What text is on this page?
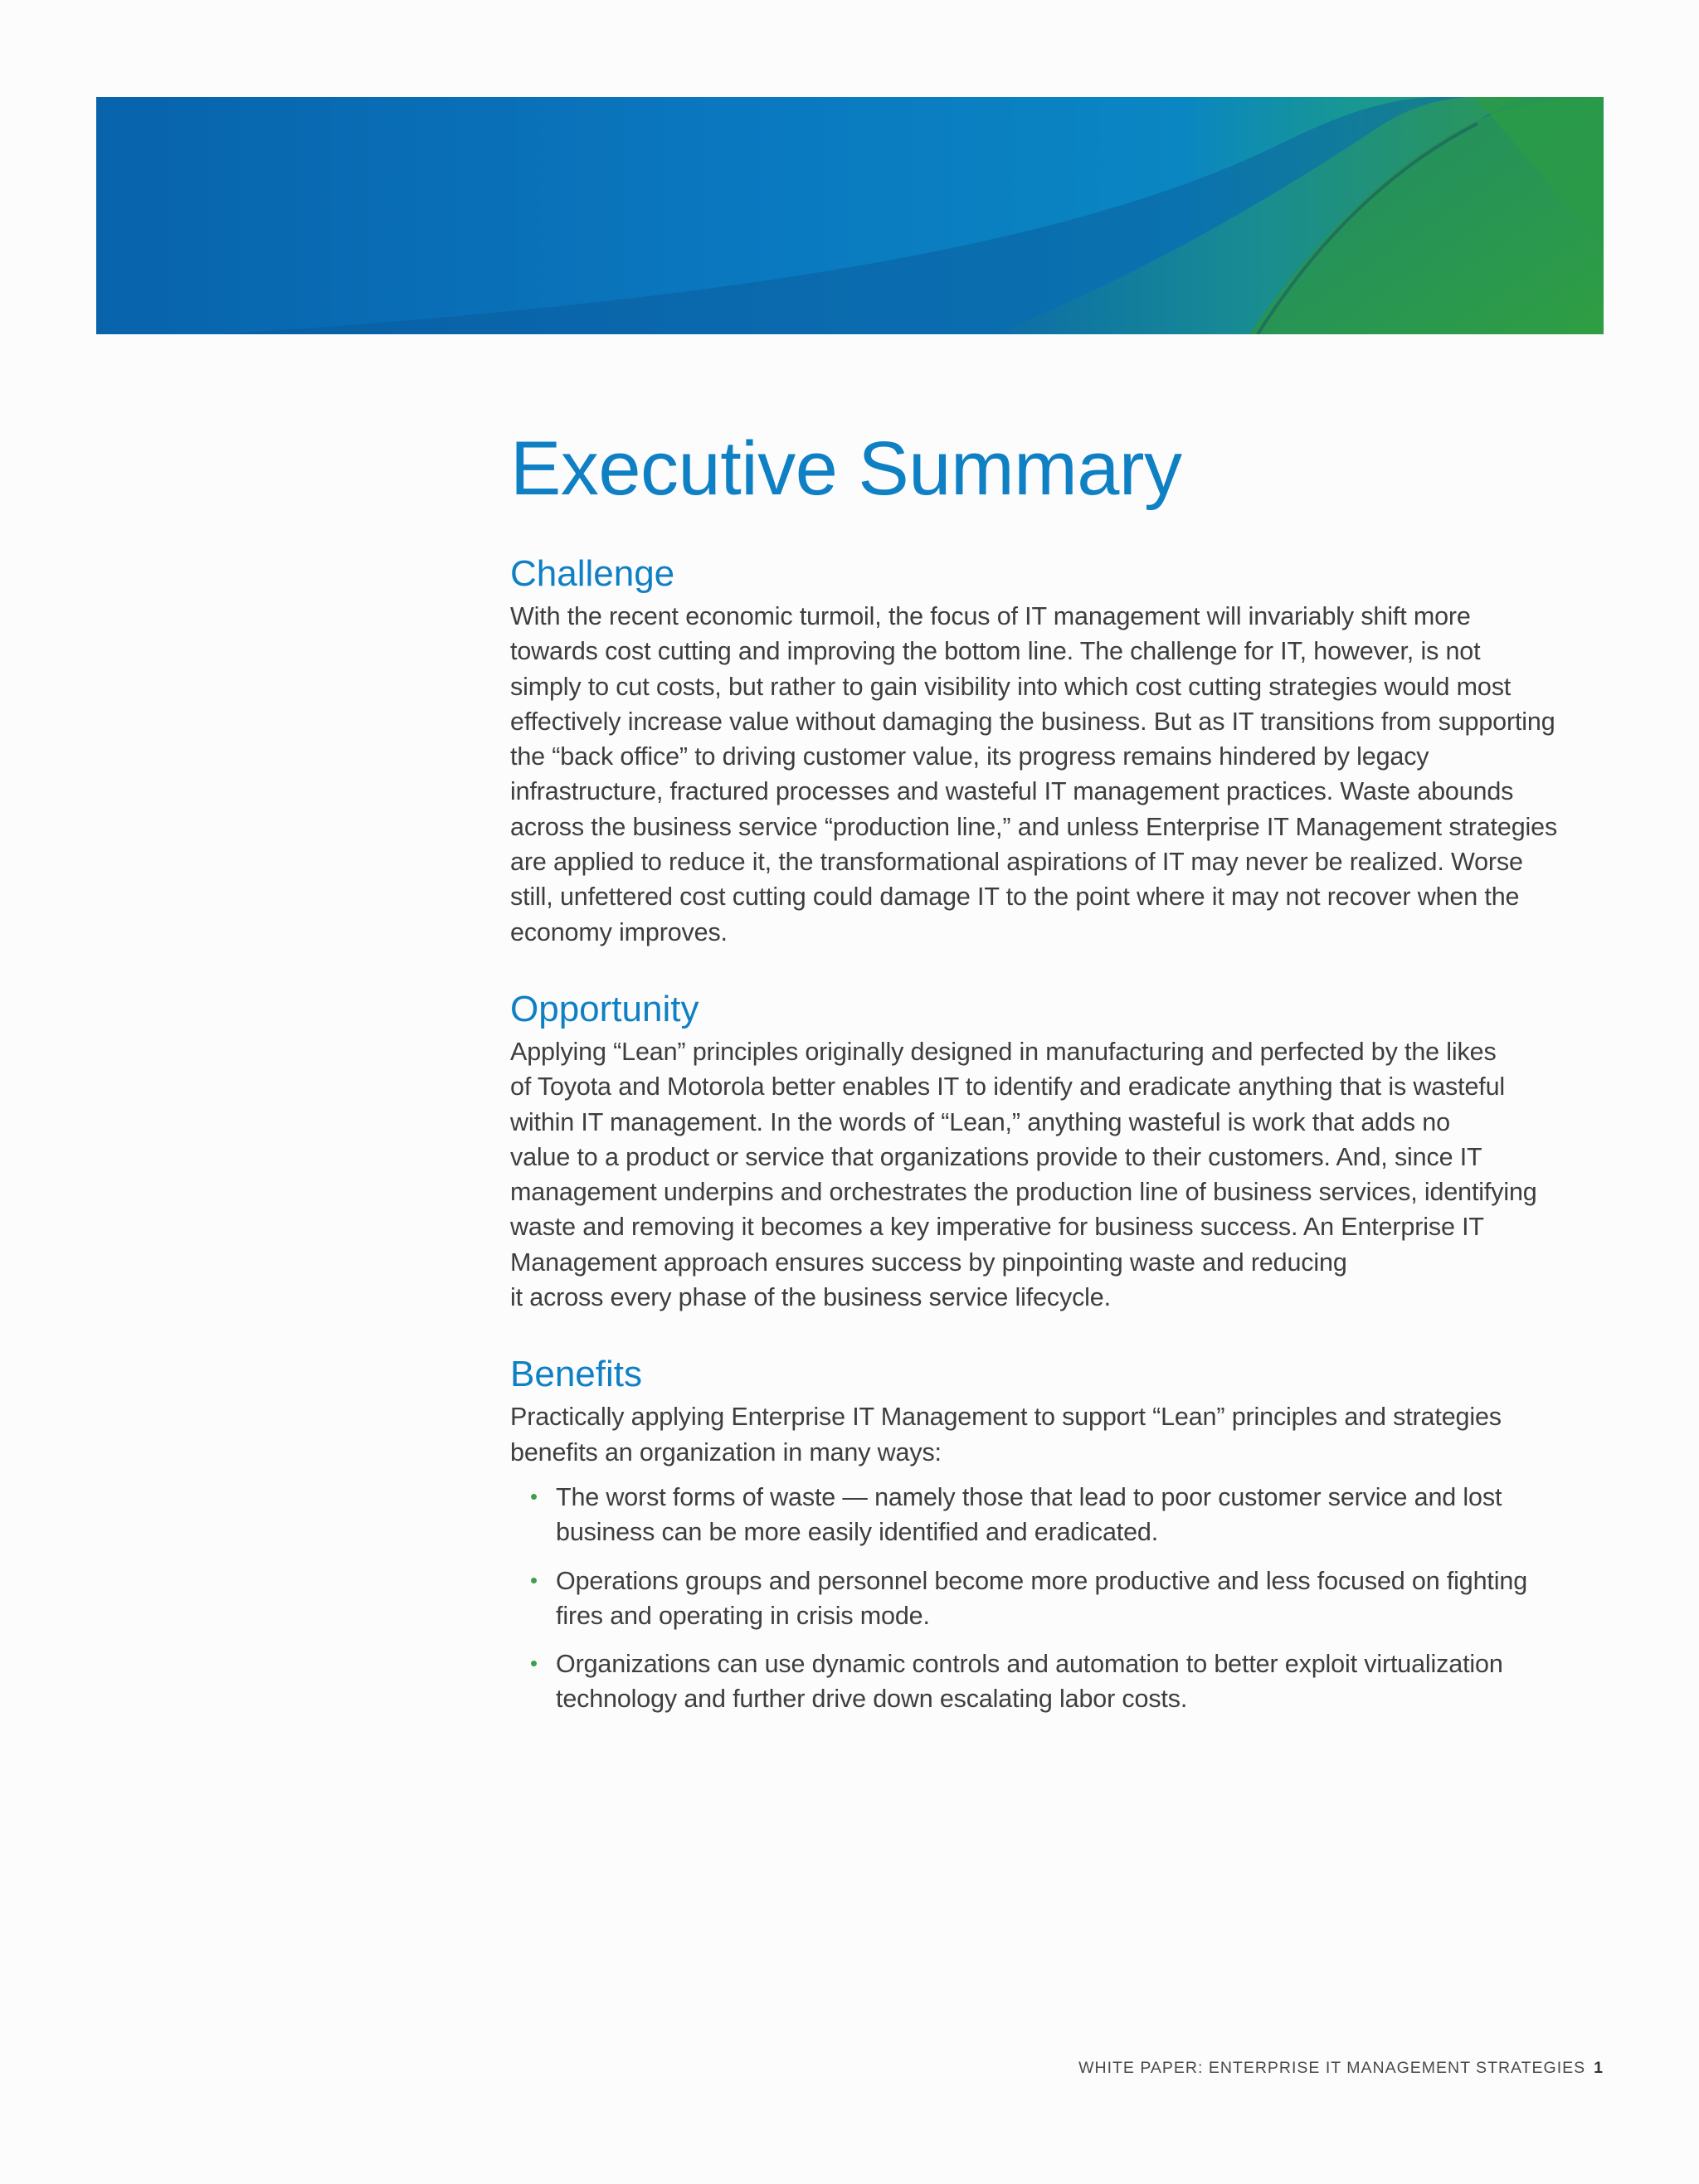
Executive Summary
Challenge

With the recent economic turmoil, the focus of IT management will invariably shift more
towards cost cutting and improving the bottom line. The challenge for IT, however, is not
simply to cut costs, but rather to gain visibility into which cost cutting strategies would most
effectively increase value without damaging the business. But as IT transitions from supporting
the “back office” to driving customer value, its progress remains hindered by legacy
infrastructure, fractured processes and wasteful IT management practices. Waste abounds
across the business service “production line,” and unless Enterprise IT Management strategies
are applied to reduce it, the transformational aspirations of IT may never be realized. Worse
still, unfettered cost cutting could damage IT to the point where it may not recover when the
economy improves.

Opportunity

Applying “Lean” principles originally designed in manufacturing and perfected by the likes
of Toyota and Motorola better enables IT to identify and eradicate anything that is wasteful
within IT management. In the words of “Lean,” anything wasteful is work that adds no
value to a product or service that organizations provide to their customers. And, since IT
management underpins and orchestrates the production line of business services, identifying
waste and removing it becomes a key imperative for business success. An Enterprise IT
Management approach ensures success by pinpointing waste and reducing
it across every phase of the business service lifecycle.

Benefits

Practically applying Enterprise IT Management to support “Lean” principles and strategies
benefits an organization in many ways:

The worst forms of waste — namely those that lead to poor customer service and lost
business can be more easily identified and eradicated.
Operations groups and personnel become more productive and less focused on fighting
fires and operating in crisis mode.
Organizations can use dynamic controls and automation to better exploit virtualization
technology and further drive down escalating labor costs.
WHITE PAPER: ENTERPRISE IT MANAGEMENT STRATEGIES 1
